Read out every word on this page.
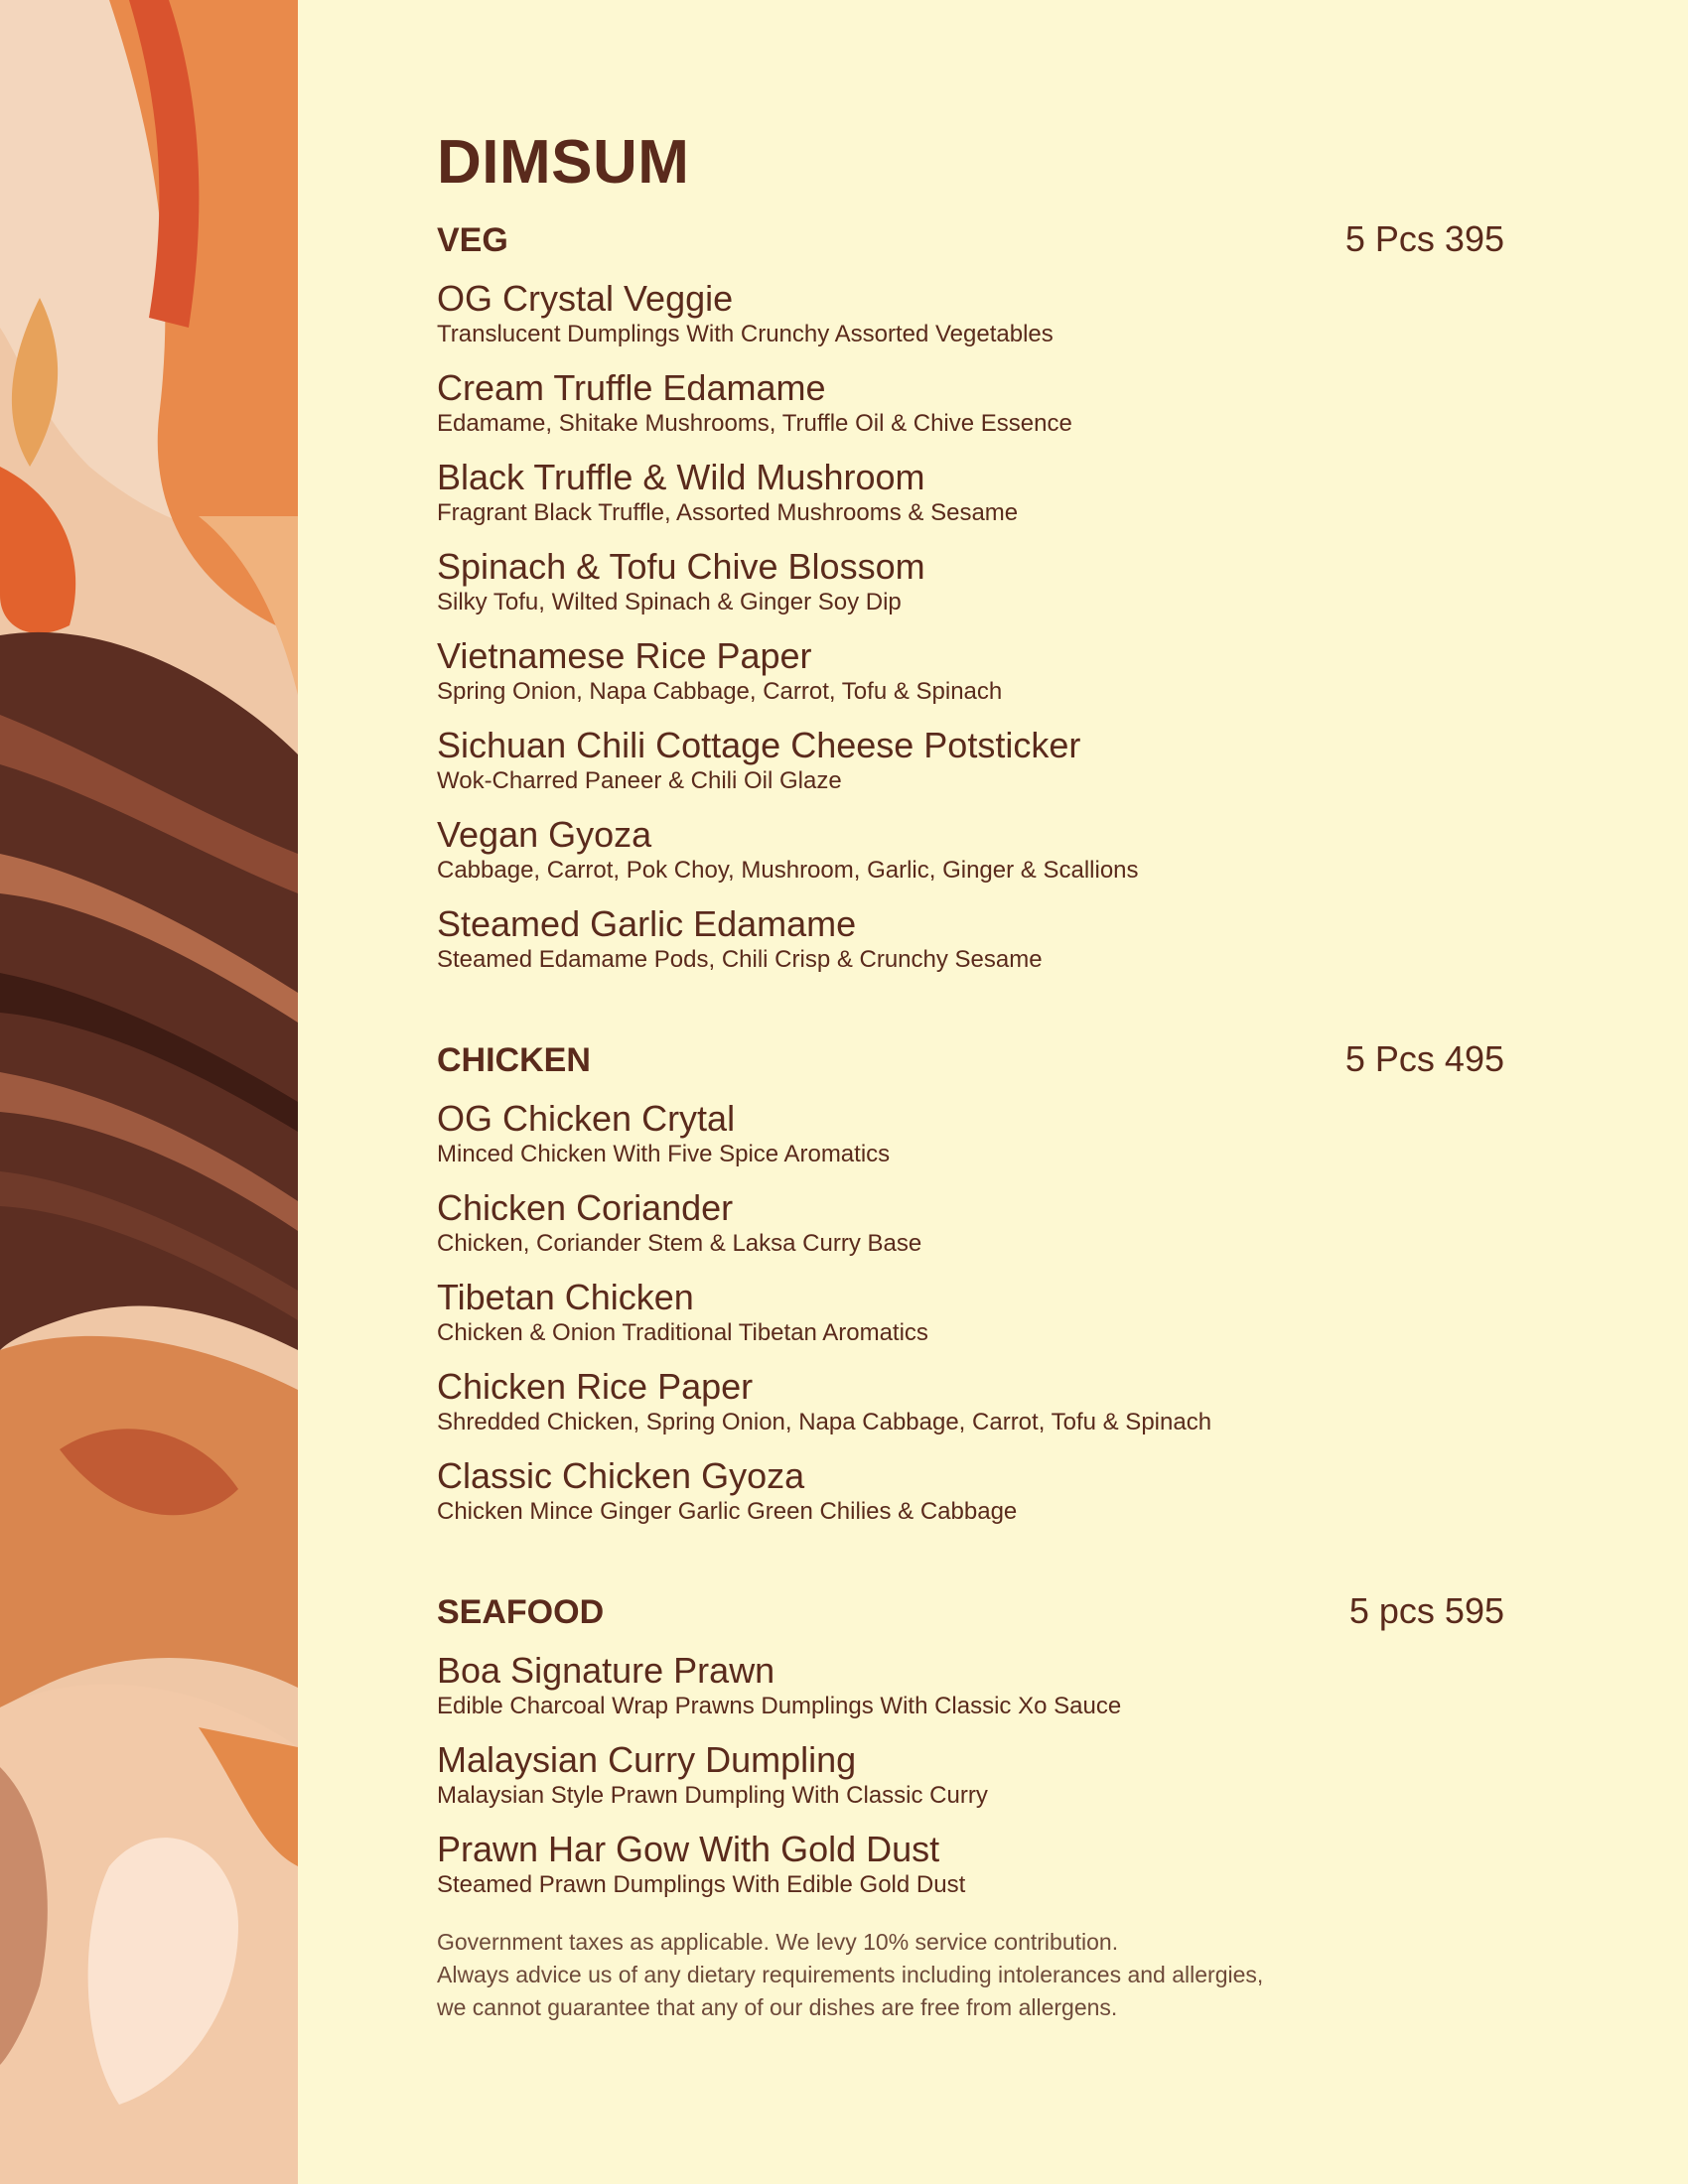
DIMSUM
VEG	5 Pcs 395
OG Crystal Veggie
Translucent Dumplings With Crunchy Assorted Vegetables
Cream Truffle Edamame
Edamame, Shitake Mushrooms, Truffle Oil & Chive Essence
Black Truffle & Wild Mushroom
Fragrant Black Truffle, Assorted Mushrooms & Sesame
Spinach & Tofu Chive Blossom
Silky Tofu, Wilted Spinach & Ginger Soy Dip
Vietnamese Rice Paper
Spring Onion, Napa Cabbage, Carrot, Tofu & Spinach
Sichuan Chili Cottage Cheese Potsticker
Wok-Charred Paneer & Chili Oil Glaze
Vegan Gyoza
Cabbage, Carrot, Pok Choy, Mushroom, Garlic, Ginger & Scallions
Steamed Garlic Edamame
Steamed Edamame Pods, Chili Crisp & Crunchy Sesame
CHICKEN	5 Pcs 495
OG Chicken Crytal
Minced Chicken With Five Spice Aromatics
Chicken Coriander
Chicken, Coriander Stem & Laksa Curry Base
Tibetan Chicken
Chicken & Onion Traditional Tibetan Aromatics
Chicken Rice Paper
Shredded Chicken, Spring Onion, Napa Cabbage, Carrot, Tofu & Spinach
Classic Chicken Gyoza
Chicken Mince Ginger Garlic Green Chilies & Cabbage
SEAFOOD	5 pcs 595
Boa Signature Prawn
Edible Charcoal Wrap Prawns Dumplings With Classic Xo Sauce
Malaysian Curry Dumpling
Malaysian Style Prawn Dumpling With Classic Curry
Prawn Har Gow With Gold Dust
Steamed Prawn Dumplings With Edible Gold Dust
Government taxes as applicable. We levy 10% service contribution.
Always advice us of any dietary requirements including intolerances and allergies,
we cannot guarantee that any of our dishes are free from allergens.
